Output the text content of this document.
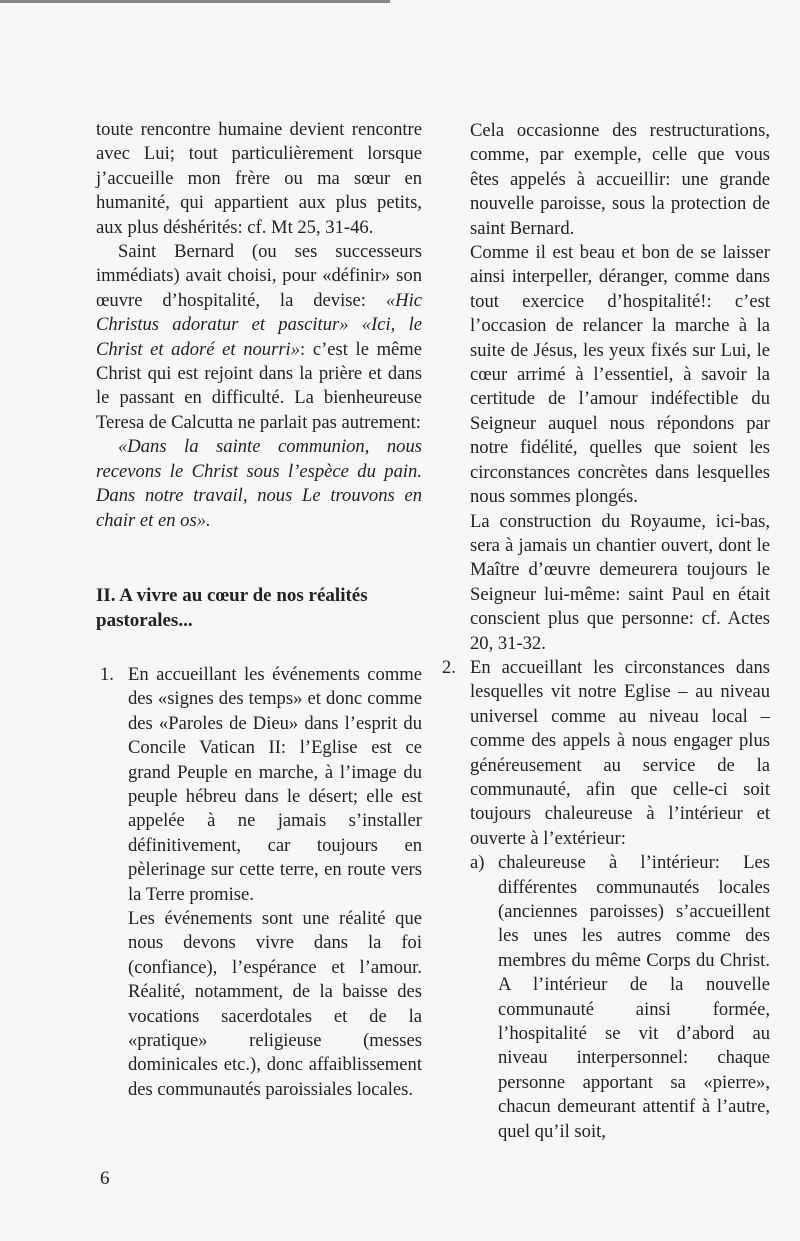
toute rencontre humaine devient rencontre avec Lui; tout particulièrement lorsque j’accueille mon frère ou ma sœur en humanité, qui appartient aux plus petits, aux plus déshérités: cf. Mt 25, 31-46.

Saint Bernard (ou ses successeurs immédiats) avait choisi, pour «définir» son œuvre d’hospitalité, la devise: «Hic Christus adoratur et pascitur» «Ici, le Christ et adoré et nourri»: c’est le même Christ qui est rejoint dans la prière et dans le passant en difficulté. La bienheureuse Teresa de Calcutta ne parlait pas autrement:

«Dans la sainte communion, nous recevons le Christ sous l’espèce du pain. Dans notre travail, nous Le trouvons en chair et en os».

II. A vivre au cœur de nos réalités pastorales...
1. En accueillant les événements comme des «signes des temps» et donc comme des «Paroles de Dieu» dans l’esprit du Concile Vatican II: l’Eglise est ce grand Peuple en marche, à l’image du peuple hébreu dans le désert; elle est appelée à ne jamais s’installer définitivement, car toujours en pèlerinage sur cette terre, en route vers la Terre promise.

Les événements sont une réalité que nous devons vivre dans la foi (confiance), l’espérance et l’amour. Réalité, notamment, de la baisse des vocations sacerdotales et de la «pratique» religieuse (messes dominicales etc.), donc affaiblissement des communautés paroissiales locales.

Cela occasionne des restructurations, comme, par exemple, celle que vous êtes appelés à accueillir: une grande nouvelle paroisse, sous la protection de saint Bernard.

Comme il est beau et bon de se laisser ainsi interpeller, déranger, comme dans tout exercice d’hospitalité!: c’est l’occasion de relancer la marche à la suite de Jésus, les yeux fixés sur Lui, le cœur arrimé à l’essentiel, à savoir la certitude de l’amour indéfectible du Seigneur auquel nous répondons par notre fidélité, quelles que soient les circonstances concrètes dans lesquelles nous sommes plongés.

La construction du Royaume, ici-bas, sera à jamais un chantier ouvert, dont le Maître d’œuvre demeurera toujours le Seigneur lui-même: saint Paul en était conscient plus que personne: cf. Actes 20, 31-32.

2. En accueillant les circonstances dans lesquelles vit notre Eglise – au niveau universel comme au niveau local – comme des appels à nous engager plus généreusement au service de la communauté, afin que celle-ci soit toujours chaleureuse à l’intérieur et ouverte à l’extérieur:

a) chaleureuse à l’intérieur: Les différentes communautés locales (anciennes paroisses) s’accueillent les unes les autres comme des membres du même Corps du Christ. A l’intérieur de la nouvelle communauté ainsi formée, l’hospitalité se vit d’abord au niveau interpersonnel: chaque personne apportant sa «pierre», chacun demeurant attentif à l’autre, quel qu’il soit,

6
